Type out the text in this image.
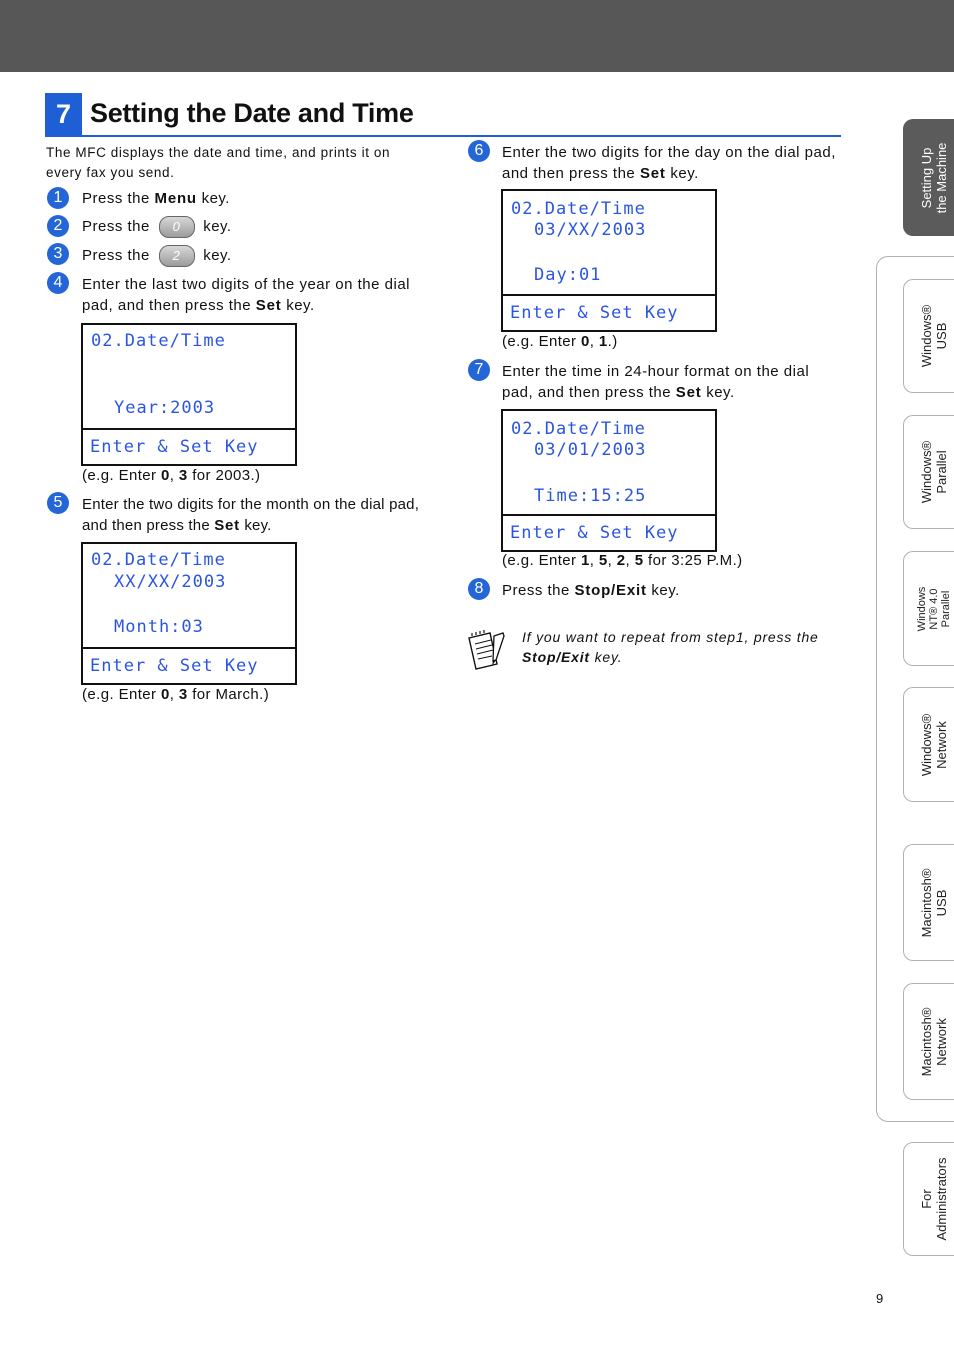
7 Setting the Date and Time
The MFC displays the date and time, and prints it on every fax you send.
1	Press the Menu key.
2	Press the 0 key.
3	Press the 2 key.
4	Enter the last two digits of the year on the dial pad, and then press the Set key.
02.Date/Time
Year:2003
Enter & Set Key
(e.g. Enter 0, 3 for 2003.)
5	Enter the two digits for the month on the dial pad, and then press the Set key.
02.Date/Time
XX/XX/2003
Month:03
Enter & Set Key
(e.g. Enter 0, 3 for March.)
6	Enter the two digits for the day on the dial pad, and then press the Set key.
02.Date/Time
03/XX/2003
Day:01
Enter & Set Key
(e.g. Enter 0, 1.)
7	Enter the time in 24-hour format on the dial pad, and then press the Set key.
02.Date/Time
03/01/2003
Time:15:25
Enter & Set Key
(e.g. Enter 1, 5, 2, 5 for 3:25 P.M.)
8	Press the Stop/Exit key.
If you want to repeat from step1, press the Stop/Exit key.
Setting Up the Machine
Windows® USB
Windows® Parallel
Windows NT® 4.0 Parallel
Windows® Network
Macintosh® USB
Macintosh® Network
For Administrators
9
